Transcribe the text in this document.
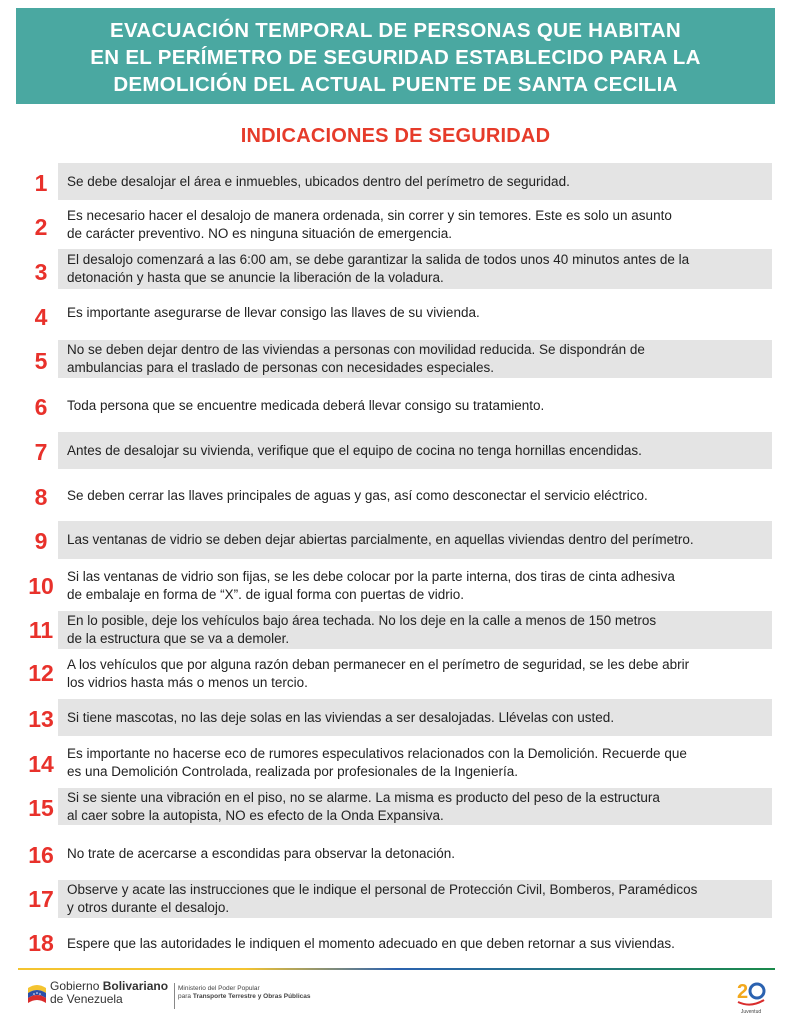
EVACUACIÓN TEMPORAL DE PERSONAS QUE HABITAN
EN EL PERÍMETRO DE SEGURIDAD ESTABLECIDO PARA LA
DEMOLICIÓN DEL ACTUAL PUENTE DE SANTA CECILIA
INDICACIONES DE SEGURIDAD
1	Se debe desalojar el área e inmuebles, ubicados dentro del perímetro de seguridad.
2	Es necesario hacer el desalojo de manera ordenada, sin correr y sin temores. Este es solo un asunto
de carácter preventivo. NO es ninguna situación de emergencia.
3	El desalojo comenzará a las 6:00 am, se debe garantizar la salida de todos unos 40 minutos antes de la
detonación y hasta que se anuncie la liberación de la voladura.
4	Es importante asegurarse de llevar consigo las llaves de su vivienda.
5	No se deben dejar dentro de las viviendas a personas con movilidad reducida. Se dispondrán de
ambulancias para el traslado de personas con necesidades especiales.
6	Toda persona que se encuentre medicada deberá llevar consigo su tratamiento.
7	Antes de desalojar su vivienda, verifique que el equipo de cocina no tenga hornillas encendidas.
8	Se deben cerrar las llaves principales de aguas y gas, así como desconectar el servicio eléctrico.
9	Las ventanas de vidrio se deben dejar abiertas parcialmente, en aquellas viviendas dentro del perímetro.
10 Si las ventanas de vidrio son fijas, se les debe colocar por la parte interna, dos tiras de cinta adhesiva
de embalaje en forma de “X”. de igual forma con puertas de vidrio.
11	En lo posible, deje los vehículos bajo área techada. No los deje en la calle a menos de 150 metros
de la estructura que se va a demoler.
12 A los vehículos que por alguna razón deban permanecer en el perímetro de seguridad, se les debe abrir
los vidrios hasta más o menos un tercio.
13 Si tiene mascotas, no las deje solas en las viviendas a ser desalojadas. Llévelas con usted.
14 Es importante no hacerse eco de rumores especulativos relacionados con la Demolición. Recuerde que
es una Demolición Controlada, realizada por profesionales de la Ingeniería.
15 Si se siente una vibración en el piso, no se alarme. La misma es producto del peso de la estructura
al caer sobre la autopista, NO es efecto de la Onda Expansiva.
16 No trate de acercarse a escondidas para observar la detonación.
17 Observe y acate las instrucciones que le indique el personal de Protección Civil, Bomberos, Paramédicos
y otros durante el desalojo.
18 Espere que las autoridades le indiquen el momento adecuado en que deben retornar a sus viviendas.
Gobierno Bolivariano
de Venezuela
Ministerio del Poder Popular
para Transporte Terrestre y Obras Públicas	2
Juventud
